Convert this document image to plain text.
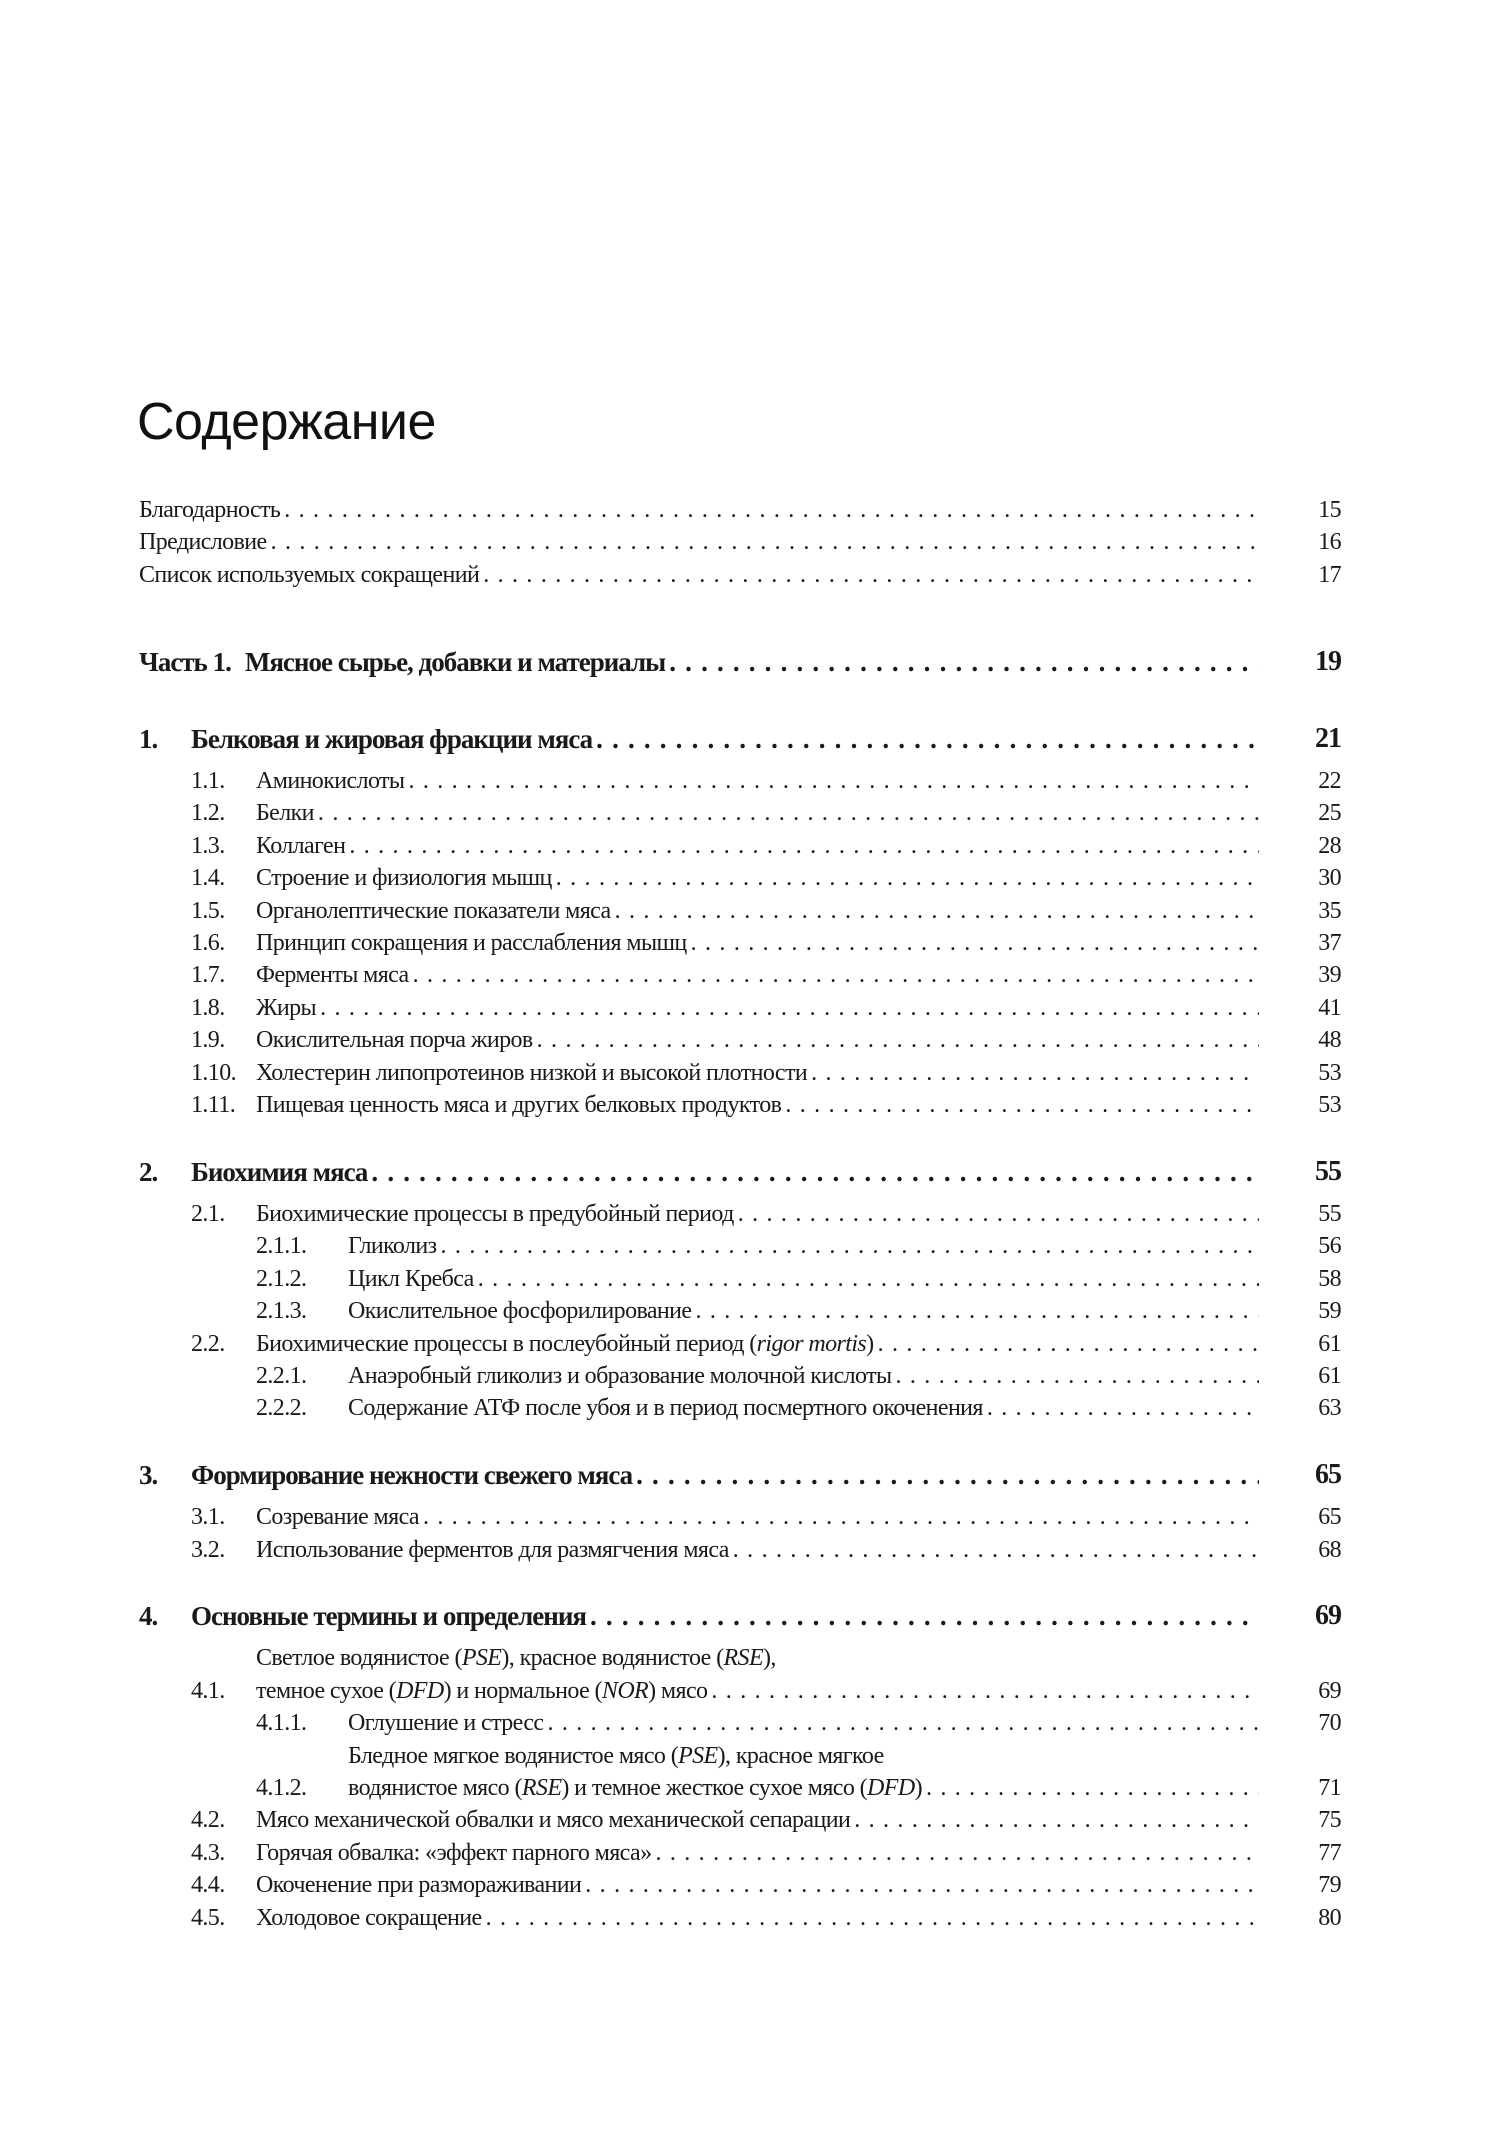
Содержание
Благодарность . . .	15
Предисловие . . .	16
Список используемых сокращений . . .	17
Часть 1. Мясное сырье, добавки и материалы . . .	19
1.	Белковая и жировая фракции мяса . . .	21
1.1.	Аминокислоты . . .	22
1.2.	Белки . . .	25
1.3.	Коллаген . . .	28
1.4.	Строение и физиология мышц . . .	30
1.5.	Органолептические показатели мяса . . .	35
1.6.	Принцип сокращения и расслабления мышц . . .	37
1.7.	Ферменты мяса . . .	39
1.8.	Жиры . . .	41
1.9.	Окислительная порча жиров . . .	48
1.10. Холестерин липопротеинов низкой и высокой плотности . . .	53
1.11. Пищевая ценность мяса и других белковых продуктов . . .	53
2.	Биохимия мяса . . .	55
2.1.	Биохимические процессы в предубойный период . . .	55
2.1.1.	Гликолиз . . .	56
2.1.2.	Цикл Кребса . . .	58
2.1.3.	Окислительное фосфорилирование . . .	59
2.2.	Биохимические процессы в послеубойный период (rigor mortis) . . .	61
2.2.1.	Анаэробный гликолиз и образование молочной кислоты . . .	61
2.2.2.	Содержание АТФ после убоя и в период посмертного окоченения . . .	63
3.	Формирование нежности свежего мяса . . .	65
3.1.	Созревание мяса . . .	65
3.2.	Использование ферментов для размягчения мяса . . .	68
4.	Основные термины и определения . . .	69
4.1.
Светлое водянистое (PSE), красное водянистое (RSE),
темное сухое (DFD) и нормальное (NOR) мясо . . .	69
4.1.1.	Оглушение и стресс . . .	70
4.1.2.
Бледное мягкое водянистое мясо (PSE), красное мягкое
водянистое мясо (RSE) и темное жесткое сухое мясо (DFD) . . .	71
4.2.	Мясо механической обвалки и мясо механической сепарации . . .	75
4.3.	Горячая обвалка: «эффект парного мяса» . . .	77
4.4.	Окоченение при размораживании . . .	79
4.5.	Холодовое сокращение . . .	80
